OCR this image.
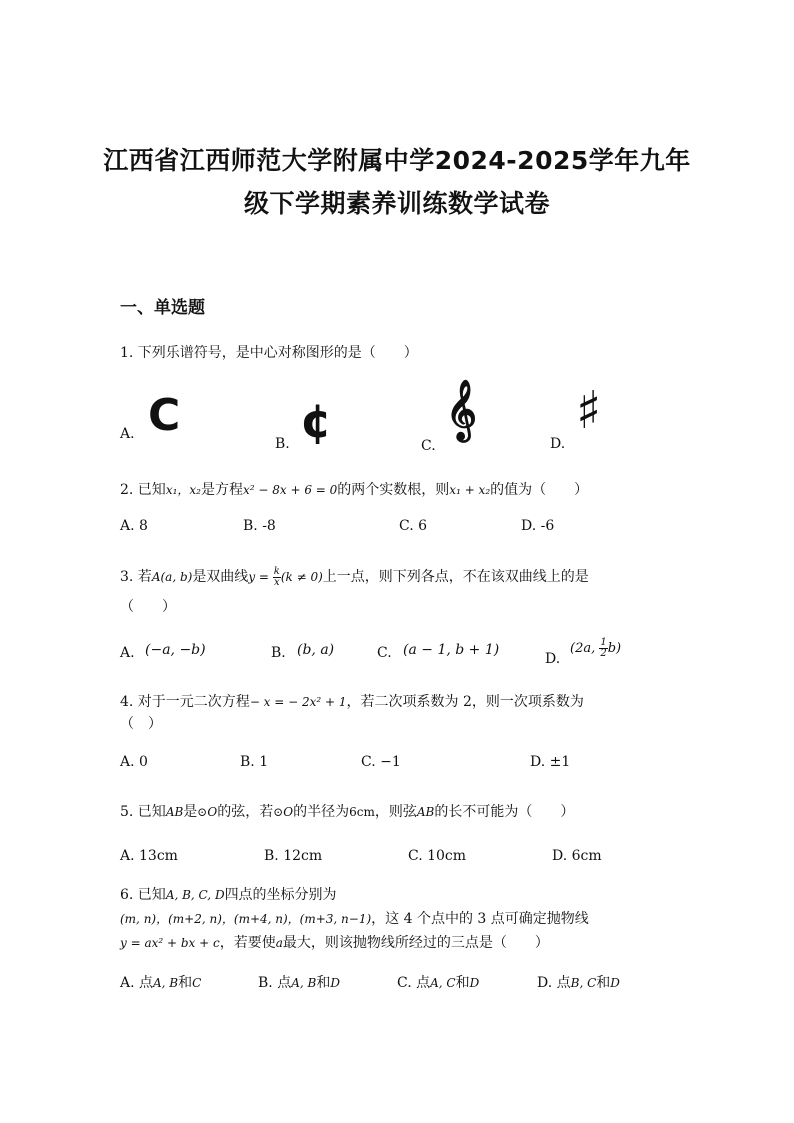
江西省江西师范大学附属中学2024-2025学年九年
级下学期素养训练数学试卷
一、单选题
1. 下列乐谱符号，是中心对称图形的是（　　）
A. C
B. ¢	C.
𝄞
D.
♯
2. 已知x₁，x₂是方程x² − 8x + 6 = 0的两个实数根，则x₁ + x₂的值为（　　）
A. 8	B. -8	C. 6	D. -6
3. 若A(a, b)是双曲线$y = \frac{k}{x} (k \ne 0)$上一点，则下列各点，不在该双曲线上的是
（　　）
A. (−a, −b)	B. (b, a)	C. (a − 1, b + 1)
D.
(2a, $\frac{1}{2} b$)
4. 对于一元二次方程− x = − 2x² + 1，若二次项系数为 2，则一次项系数为
（　）
A. 0	B. 1	C. −1	D. ±1
5. 已知AB是⊙O的弦，若⊙O的半径为6cm，则弦AB的长不可能为（　　）
A. 13cm	B. 12cm	C. 10cm	D. 6cm
6. 已知A, B, C, D四点的坐标分别为
(m, n)，(m+2, n)，(m+4, n)，(m+3, n−1)，这 4 个点中的 3 点可确定抛物线
y = ax² + bx + c，若要使a最大，则该抛物线所经过的三点是（　　）
A. 点A, B和C	B. 点A, B和D	C. 点A, C和D	D. 点B, C和D
